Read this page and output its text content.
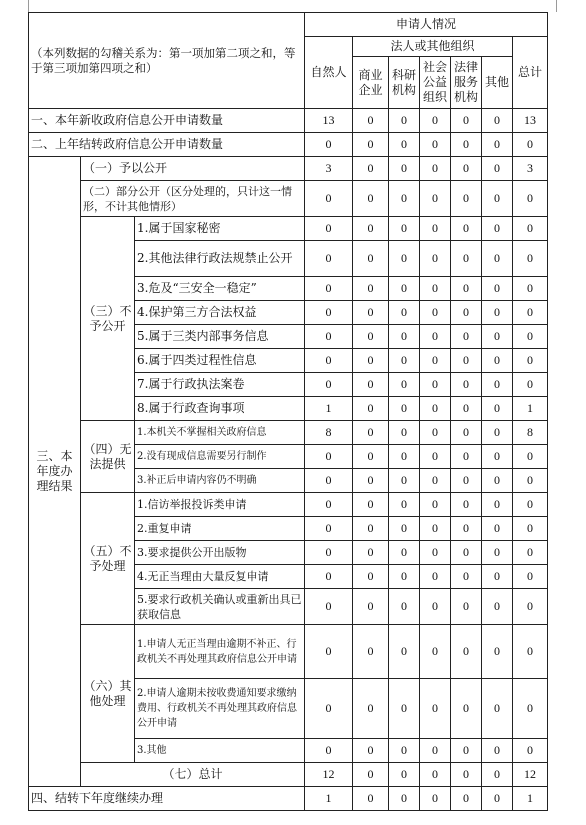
（本列数据的勾稽关系为：第一项加第二项之和，等于第三项加第四项之和）			申请人情况						
			自然人	法人或其他组织					总计
				商业企业	科研机构	社会公益组织	法律服务机构	其他	
一、本年新收政府信息公开申请数量			13	0	0	0	0	0	13
二、上年结转政府信息公开申请数量			0	0	0	0	0	0	0
三、本年度办理结果	（一）予以公开		3	0	0	0	0	0	3
	（二）部分公开（区分处理的，只计这一情形，不计其他情形）		0	0	0	0	0	0	0
	（三）不予公开	1.属于国家秘密	0	0	0	0	0	0	0
		2.其他法律行政法规禁止公开	0	0	0	0	0	0	0
		3.危及“三安全一稳定”	0	0	0	0	0	0	0
		4.保护第三方合法权益	0	0	0	0	0	0	0
		5.属于三类内部事务信息	0	0	0	0	0	0	0
		6.属于四类过程性信息	0	0	0	0	0	0	0
		7.属于行政执法案卷	0	0	0	0	0	0	0
		8.属于行政查询事项	1	0	0	0	0	0	1
	（四）无法提供	1.本机关不掌握相关政府信息	8	0	0	0	0	0	8
		2.没有现成信息需要另行制作	0	0	0	0	0	0	0
		3.补正后申请内容仍不明确	0	0	0	0	0	0	0
	（五）不予处理	1.信访举报投诉类申请	0	0	0	0	0	0	0
		2.重复申请	0	0	0	0	0	0	0
		3.要求提供公开出版物	0	0	0	0	0	0	0
		4.无正当理由大量反复申请	0	0	0	0	0	0	0
		5.要求行政机关确认或重新出具已获取信息	0	0	0	0	0	0	0
	（六）其他处理	1.申请人无正当理由逾期不补正、行政机关不再处理其政府信息公开申请	0	0	0	0	0	0	0
		2.申请人逾期未按收费通知要求缴纳费用、行政机关不再处理其政府信息公开申请	0	0	0	0	0	0	0
		3.其他	0	0	0	0	0	0	0
	（七）总计		12	0	0	0	0	0	12
四、结转下年度继续办理			1	0	0	0	0	0	1
